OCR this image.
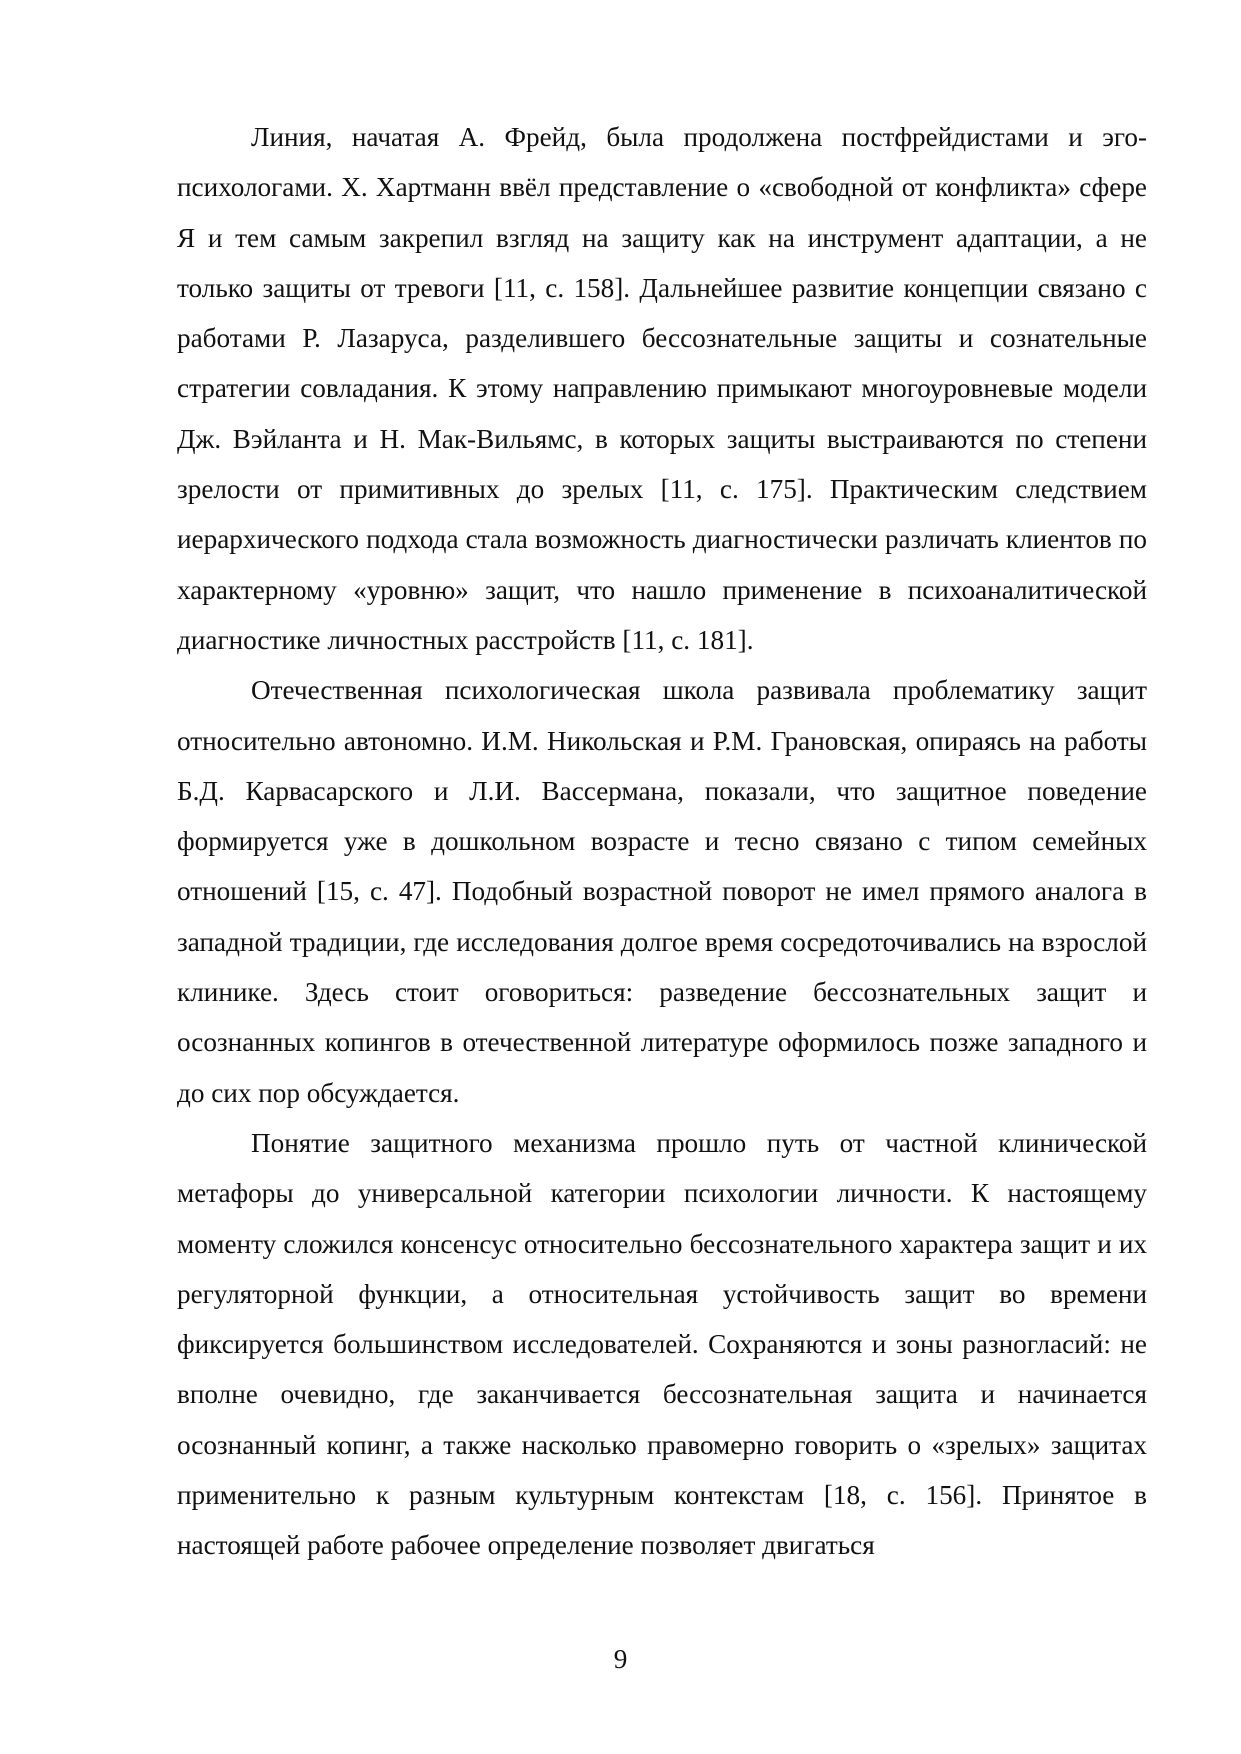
Линия, начатая А. Фрейд, была продолжена постфрейдистами и эго-психологами. Х. Хартманн ввёл представление о «свободной от конфликта» сфере Я и тем самым закрепил взгляд на защиту как на инструмент адаптации, а не только защиты от тревоги [11, с. 158]. Дальнейшее развитие концепции связано с работами Р. Лазаруса, разделившего бессознательные защиты и сознательные стратегии совладания. К этому направлению примыкают многоуровневые модели Дж. Вэйланта и Н. Мак-Вильямс, в которых защиты выстраиваются по степени зрелости от примитивных до зрелых [11, с. 175]. Практическим следствием иерархического подхода стала возможность диагностически различать клиентов по характерному «уровню» защит, что нашло применение в психоаналитической диагностике личностных расстройств [11, с. 181].

Отечественная психологическая школа развивала проблематику защит относительно автономно. И.М. Никольская и Р.М. Грановская, опираясь на работы Б.Д. Карвасарского и Л.И. Вассермана, показали, что защитное поведение формируется уже в дошкольном возрасте и тесно связано с типом семейных отношений [15, с. 47]. Подобный возрастной поворот не имел прямого аналога в западной традиции, где исследования долгое время сосредоточивались на взрослой клинике. Здесь стоит оговориться: разведение бессознательных защит и осознанных копингов в отечественной литературе оформилось позже западного и до сих пор обсуждается.

Понятие защитного механизма прошло путь от частной клинической метафоры до универсальной категории психологии личности. К настоящему моменту сложился консенсус относительно бессознательного характера защит и их регуляторной функции, а относительная устойчивость защит во времени фиксируется большинством исследователей. Сохраняются и зоны разногласий: не вполне очевидно, где заканчивается бессознательная защита и начинается осознанный копинг, а также насколько правомерно говорить о «зрелых» защитах применительно к разным культурным контекстам [18, с. 156]. Принятое в настоящей работе рабочее определение позволяет двигаться

9
